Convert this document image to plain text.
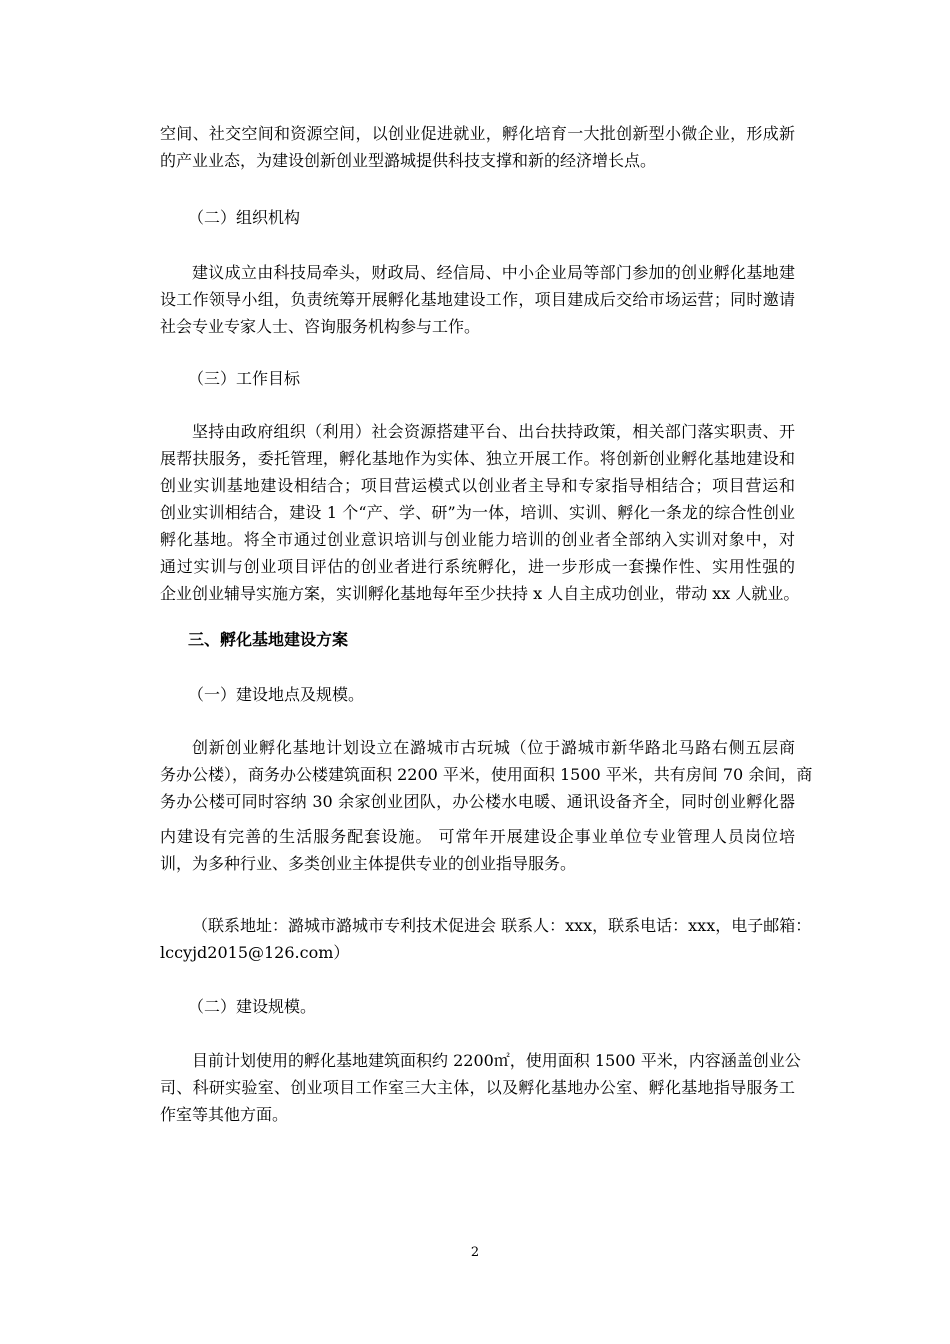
空间、社交空间和资源空间，以创业促进就业，孵化培育一大批创新型小微企业，形成新
的产业业态，为建设创新创业型潞城提供科技支撑和新的经济增长点。
（二）组织机构
建议成立由科技局牵头，财政局、经信局、中小企业局等部门参加的创业孵化基地建
设工作领导小组，负责统筹开展孵化基地建设工作，项目建成后交给市场运营；同时邀请
社会专业专家人士、咨询服务机构参与工作。
（三）工作目标
坚持由政府组织（利用）社会资源搭建平台、出台扶持政策，相关部门落实职责、开
展帮扶服务，委托管理，孵化基地作为实体、独立开展工作。将创新创业孵化基地建设和
创业实训基地建设相结合；项目营运模式以创业者主导和专家指导相结合；项目营运和
创业实训相结合，建设 1 个“产、学、研”为一体，培训、实训、孵化一条龙的综合性创业
孵化基地。将全市通过创业意识培训与创业能力培训的创业者全部纳入实训对象中，对
通过实训与创业项目评估的创业者进行系统孵化，进一步形成一套操作性、实用性强的
企业创业辅导实施方案，实训孵化基地每年至少扶持 x 人自主成功创业，带动 xx 人就业。
三、孵化基地建设方案
（一）建设地点及规模。
创新创业孵化基地计划设立在潞城市古玩城（位于潞城市新华路北马路右侧五层商
务办公楼），商务办公楼建筑面积 2200 平米，使用面积 1500 平米，共有房间 70 余间，商
务办公楼可同时容纳 30 余家创业团队，办公楼水电暖、通讯设备齐全，同时创业孵化器
内建设有完善的生活服务配套设施。 可常年开展建设企事业单位专业管理人员岗位培
训，为多种行业、多类创业主体提供专业的创业指导服务。
（联系地址：潞城市潞城市专利技术促进会 联系人：xxx，联系电话：xxx，电子邮箱：
lccyjd2015@126.com）
（二）建设规模。
目前计划使用的孵化基地建筑面积约 2200㎡，使用面积 1500 平米，内容涵盖创业公
司、科研实验室、创业项目工作室三大主体，以及孵化基地办公室、孵化基地指导服务工
作室等其他方面。
2
